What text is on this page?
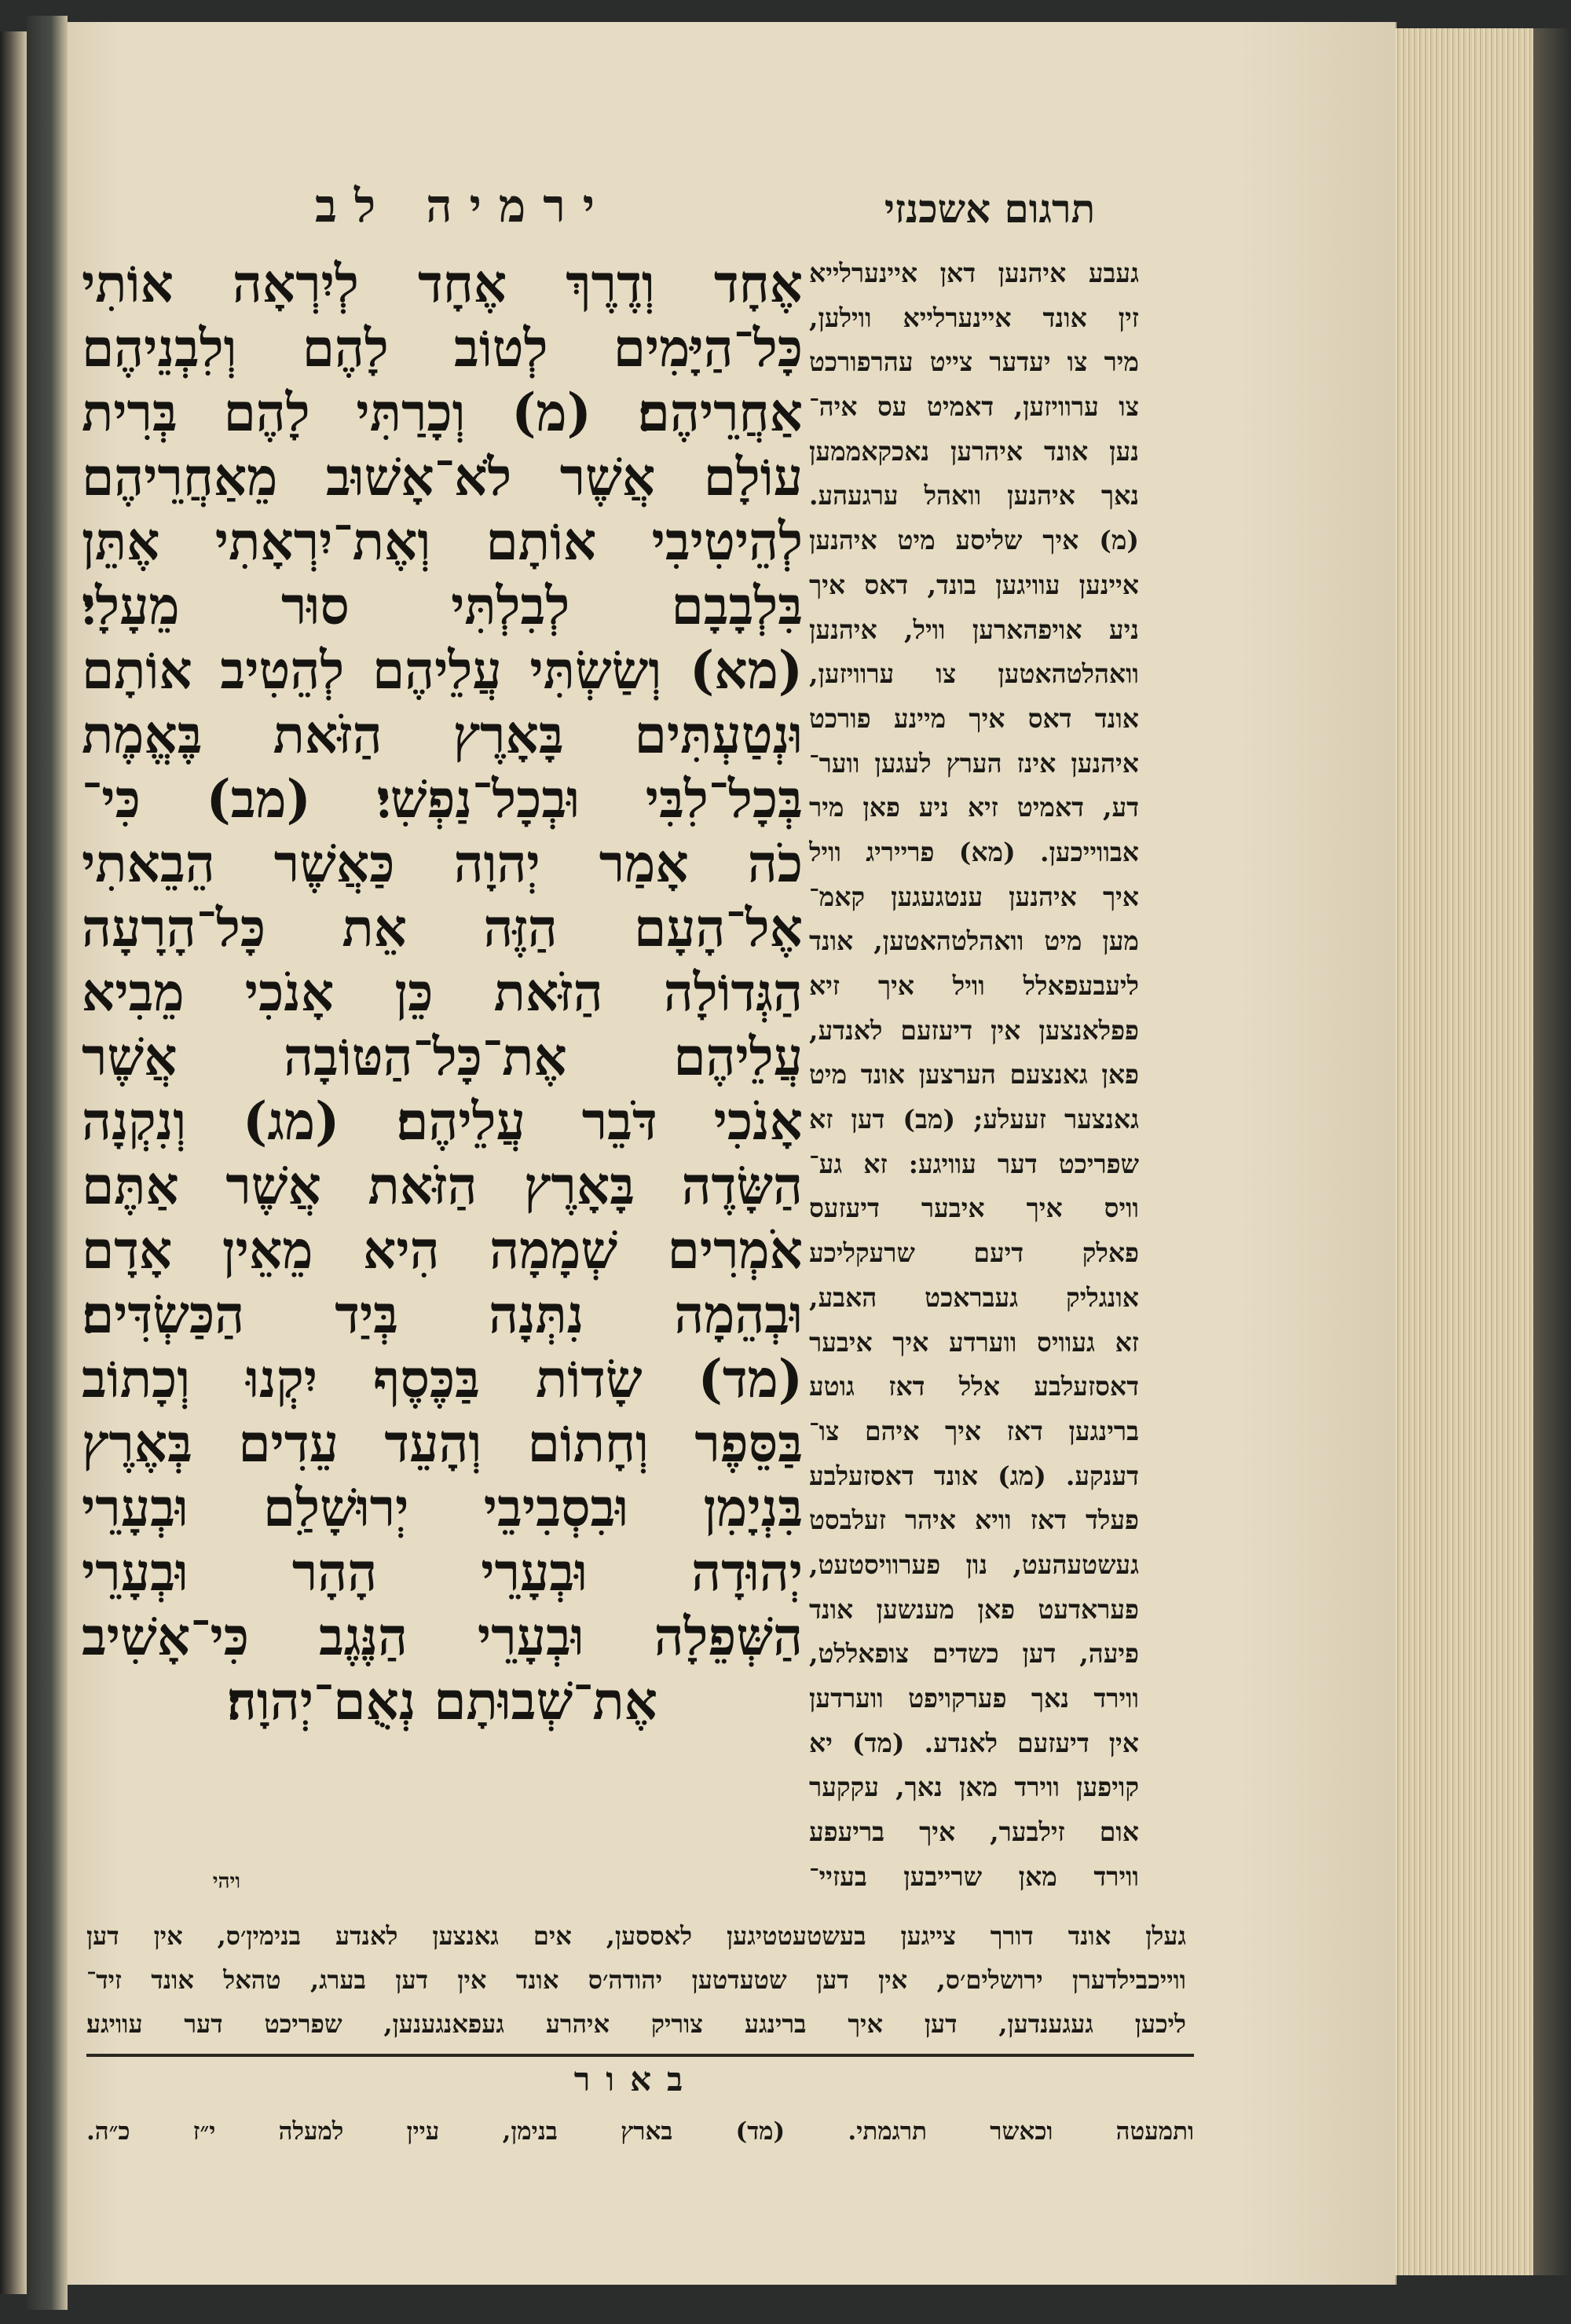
ירמיה לב	תרגום אשכנזי
אֶחָד וְדֶרֶךְ אֶחָד לְיִרְאָה אוֹתִי
כָּל־הַיָּמִים לְטוֹב לָהֶם וְלִבְנֵיהֶם
אַחֲרֵיהֶם׃ (מ) וְכָרַתִּי לָהֶם בְּרִית
עוֹלָם אֲשֶׁר לֹא־אָשׁוּב מֵאַחֲרֵיהֶם
לְהֵיטִיבִי אוֹתָם וְאֶת־יִרְאָתִי אֶתֵּן
בִּלְבָבָם לְבִלְתִּי סוּר מֵעָלָי׃
(מא) וְשַׂשְׂתִּי עֲלֵיהֶם לְהֵטִיב אוֹתָם
וּנְטַעְתִּים בָּאָרֶץ הַזֹּאת בֶּאֱמֶת
בְּכָל־לִבִּי וּבְכָל־נַפְשִׁי׃ (מב) כִּי־
כֹה אָמַר יְהוָה כַּאֲשֶׁר הֵבֵאתִי
אֶל־הָעָם הַזֶּה אֵת כָּל־הָרָעָה
הַגְּדוֹלָה הַזֹּאת כֵּן אָנֹכִי מֵבִיא
עֲלֵיהֶם אֶת־כָּל־הַטּוֹבָה אֲשֶׁר
אָנֹכִי דֹּבֵר עֲלֵיהֶם׃ (מג) וְנִקְנָה
הַשָּׂדֶה בָּאָרֶץ הַזֹּאת אֲשֶׁר אַתֶּם
אֹמְרִים שְׁמָמָה הִיא מֵאֵין אָדָם
וּבְהֵמָה נִתְּנָה בְּיַד הַכַּשְׂדִּים׃
(מד) שָׂדוֹת בַּכֶּסֶף יִקְנוּ וְכָתוֹב
בַּסֵּפֶר וְחָתוֹם וְהָעֵד עֵדִים בְּאֶרֶץ
בִּנְיָמִן וּבִסְבִיבֵי יְרוּשָׁלִַם וּבְעָרֵי
יְהוּדָה וּבְעָרֵי הָהָר וּבְעָרֵי
הַשְּׁפֵלָה וּבְעָרֵי הַנֶּגֶב כִּי־אָשִׁיב
אֶת־שְׁבוּתָם נְאֻם־יְהוָה׃
געבע איהנען דאן איינערלייא
זין אונד איינערלייא ווילען,
מיר צו יעדער צייט עהרפורכט
צו ערוויזען, דאמיט עס איה־
נען אונד איהרען נאכקאממען
נאך איהנען וואהל ערגעהע.
(מ) איך שליסע מיט איהנען
איינען עוויגען בונד, דאס איך
ניע אויפהארען וויל, איהנען
וואהלטהאטען צו ערוויזען,
אונד דאס איך מיינע פורכט
איהנען אינז הערץ לעגען ווער־
דע, דאמיט זיא ניע פאן מיר
אבווייכען. (מא) פרייריג וויל
איך איהנען ענטגעגען קאמ־
מען מיט וואהלטהאטען, אונד
ליעבעפאלל וויל איך זיא
פפלאנצען אין דיעזעם לאנדע,
פאן גאנצעם הערצען אונד מיט
גאנצער זעעלע; (מב) דען זא
שפריכט דער עוויגע: זא גע־
וויס איך איבער דיעזעס
פאלק דיעם שרעקליכע
אונגליק געבראכט האבע,
זא געוויס ווערדע איך איבער
דאסזעלבע אלל דאז גוטע
ברינגען דאז איך איהם צו־
דענקע. (מג) אונד דאסזעלבע
פעלד דאז וויא איהר זעלבסט
געשטעהעט, נון פערוויסטעט,
פעראדעט פאן מענשען אונד
פיעה, דען כשדים צופאללט,
ווירד נאך פערקויפט ווערדען
אין דיעזעם לאנדע. (מד) יא
קויפען ווירד מאן נאך, עקקער
אום זילבער, איך בריעפע
ווירד מאן שרייבען בעזיי־
ויהי
געלן אונד דורך צייגען בעשטעטטיגען לאססען, אים גאנצען לאנדע בנימין׳ס, אין דען
ווייכבילדערן ירושלים׳ס, אין דען שטעדטען יהודה׳ס אונד אין דען בערג, טהאל אונד זיד־
ליכען געגענדען, דען איך ברינגע צוריק איהרע געפאנגענען, שפריכט דער עוויגע׃
באור
ותמעטה וכאשר תרגמתי. (מד) בארץ בנימן, עיין למעלה י״ז כ״ה.
